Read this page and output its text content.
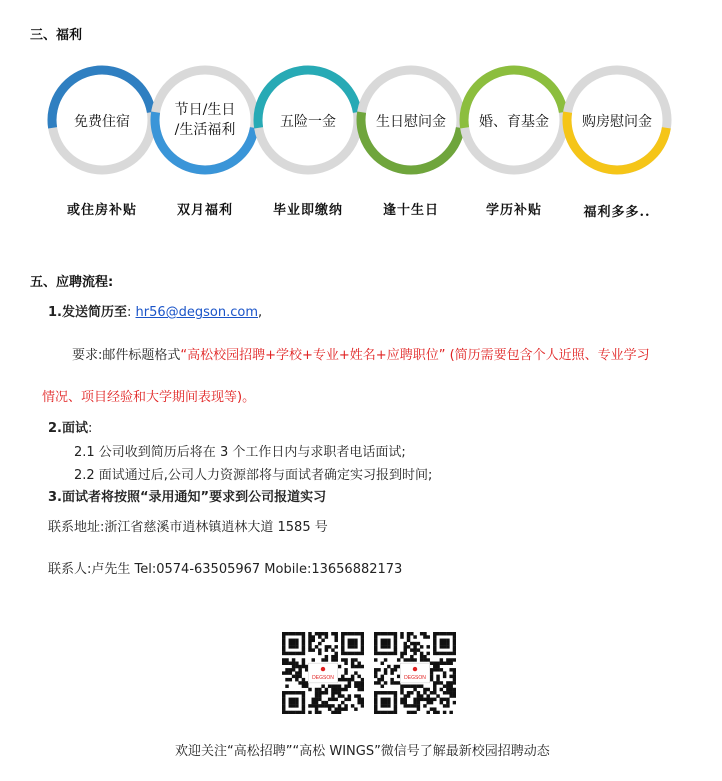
三、福利
免费住宿
节日/生日
/生活福利	五险一金	生日慰问金 婚、育基金 购房慰问金
或住房补贴	双月福利	毕业即缴纳	逢十生日	学历补贴	福利多多..
五、应聘流程:
1.发送简历至: hr56@degson.com,
要求:邮件标题格式“高松校园招聘+学校+专业+姓名+应聘职位” (简历需要包含个人近照、专业学习
情况、项目经验和大学期间表现等)。
2.面试:
2.1 公司收到简历后将在 3 个工作日内与求职者电话面试;
2.2 面试通过后,公司人力资源部将与面试者确定实习报到时间;
3.面试者将按照“录用通知”要求到公司报道实习
联系地址:浙江省慈溪市逍林镇逍林大道 1585 号
联系人:卢先生 Tel:0574-63505967 Mobile:13656882173
DEGSON	DEGSON
欢迎关注“高松招聘”“高松 WINGS”微信号了解最新校园招聘动态
